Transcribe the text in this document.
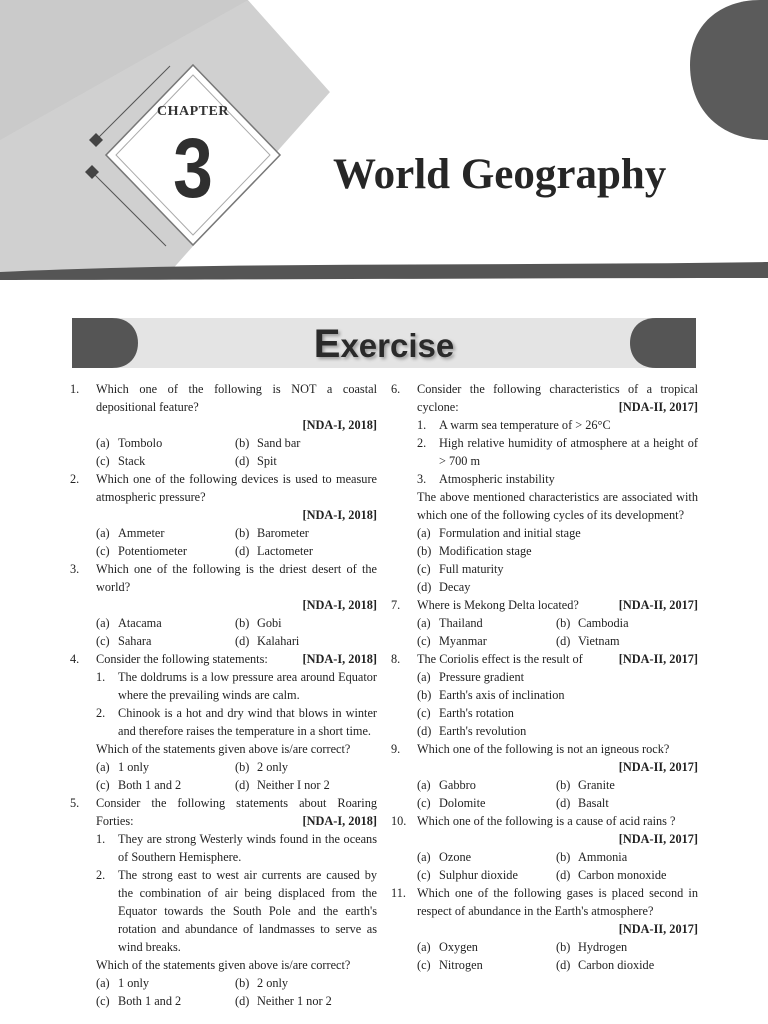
CHAPTER
3	World Geography
Exercise
1.	Which one of the following is NOT a coastal depositional feature?
[NDA-I, 2018]
(a) Tombolo	(b) Sand bar
(c) Stack	(d) Spit
2.	Which one of the following devices is used to measure atmospheric pressure?
[NDA-I, 2018]
(a) Ammeter	(b) Barometer
(c) Potentiometer	(d) Lactometer
3.	Which one of the following is the driest desert of the world?
[NDA-I, 2018]
(a) Atacama	(b) Gobi
(c) Sahara	(d) Kalahari
4.	Consider the following statements:	[NDA-I, 2018]
1.	The doldrums is a low pressure area around Equator where the prevailing winds are calm.
2.	Chinook is a hot and dry wind that blows in winter and therefore raises the temperature in a short time.
Which of the statements given above is/are correct?
(a) 1 only	(b) 2 only
(c) Both 1 and 2	(d) Neither I nor 2
5.	Consider the following statements about Roaring Forties:	[NDA-I, 2018]
1.	They are strong Westerly winds found in the oceans of Southern Hemisphere.
2.	The strong east to west air currents are caused by the combination of air being displaced from the Equator towards the South Pole and the earth's rotation and abundance of landmasses to serve as wind breaks.
Which of the statements given above is/are correct?
(a) 1 only	(b) 2 only
(c) Both 1 and 2	(d) Neither 1 nor 2
6.	Consider the following characteristics of a tropical cyclone:	[NDA-II, 2017]
1.	A warm sea temperature of > 26°C
2.	High relative humidity of atmosphere at a height of > 700 m
3.	Atmospheric instability
The above mentioned characteristics are associated with which one of the following cycles of its development?
(a) Formulation and initial stage
(b) Modification stage
(c) Full maturity
(d) Decay
7.	Where is Mekong Delta located?	[NDA-II, 2017]
(a) Thailand	(b) Cambodia
(c) Myanmar	(d) Vietnam
8.	The Coriolis effect is the result of	[NDA-II, 2017]
(a) Pressure gradient
(b) Earth's axis of inclination
(c) Earth's rotation
(d) Earth's revolution
9.	Which one of the following is not an igneous rock?
[NDA-II, 2017]
(a) Gabbro	(b) Granite
(c) Dolomite	(d) Basalt
10. Which one of the following is a cause of acid rains ?
[NDA-II, 2017]
(a) Ozone	(b) Ammonia
(c) Sulphur dioxide	(d) Carbon monoxide
11. Which one of the following gases is placed second in respect of abundance in the Earth's atmosphere?
[NDA-II, 2017]
(a) Oxygen	(b) Hydrogen
(c) Nitrogen	(d) Carbon dioxide
